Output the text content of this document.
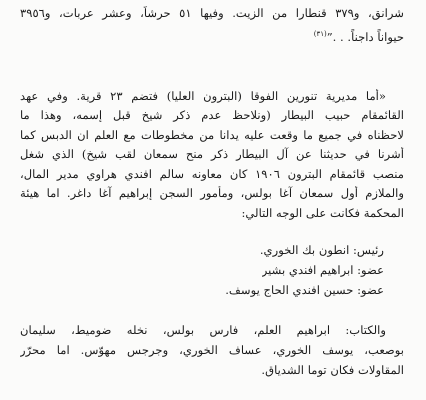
شرانق، و٣٧٩ قنطارا من الزيت. وفيها ٥١ حرشاً، وعشر عربات، و٣٩٥٦
حيواناً داجناً. . .”$^{(٣١)}$
«أما مديرية تنورين الفوقا (البترون العليا) فتضم ٢٣ قرية. وفي عهد
القائمقام حبيب البيطار (ونلاحظ عدم ذكر شيخ قبل إسمه، وهذا ما
لاحظناه في جميع ما وقعت عليه يدانا من مخطوطات مع العلم ان الدبس كما
أشرنا في حديثنا عن آل البيطار ذكر منح سمعان لقب شيخ) الذي شغل
منصب قائمقام البترون ١٩٠٦ كان معاونه سالم افندي هراوي مدير المال،
والملازم أول سمعان آغا بولس، ومأمور السجن إبراهيم آغا داغر. اما هيئة
المحكمة فكانت على الوجه التالي:
رئيس: انطون بك الخوري.
عضو: ابراهيم افندي بشير
عضو: حسين افندي الحاج يوسف.
والكتاب: ابراهيم العلم، فارس بولس، نخله ضوميط، سليمان
بوصعب، يوسف الخوري، عساف الخوري، وجرجس مهوّس. اما محرّر
المقاولات فكان توما الشدياق.
